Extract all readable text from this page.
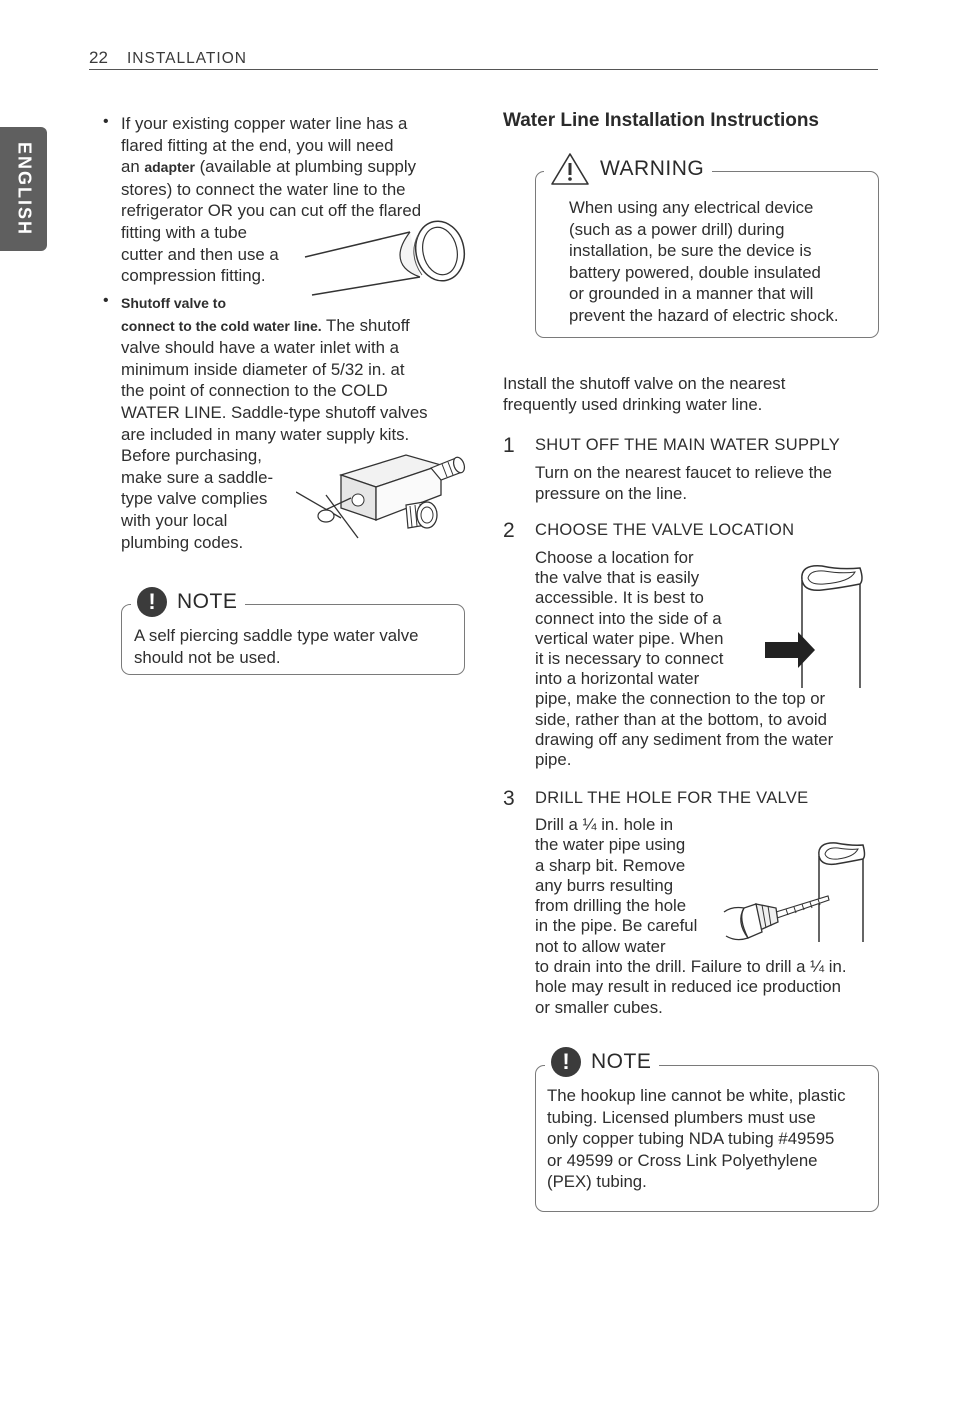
22 INSTALLATION
ENGLISH
• If your existing copper water line has a
flared fitting at the end, you will need
an adapter (available at plumbing supply
stores) to connect the water line to the
refrigerator OR you can cut off the flared
fitting with a tube
cutter and then use a
compression fitting.
• Shutoff valve to
connect to the cold water line. The shutoff
valve should have a water inlet with a
minimum inside diameter of 5/32 in. at
the point of connection to the COLD
WATER LINE. Saddle-type shutoff valves
are included in many water supply kits.
Before purchasing,
make sure a saddle-
type valve complies
with your local
plumbing codes.
!	NOTE
A self piercing saddle type water valve
should not be used.
Water Line Installation Instructions
WARNING
When using any electrical device
(such as a power drill) during
installation, be sure the device is
battery powered, double insulated
or grounded in a manner that will
prevent the hazard of electric shock.
Install the shutoff valve on the nearest
frequently used drinking water line.
1 SHUT OFF THE MAIN WATER SUPPLY
Turn on the nearest faucet to relieve the
pressure on the line.
2 CHOOSE THE VALVE LOCATION
Choose a location for
the valve that is easily
accessible. It is best to
connect into the side of a
vertical water pipe. When
it is necessary to connect
into a horizontal water
pipe, make the connection to the top or
side, rather than at the bottom, to avoid
drawing off any sediment from the water
pipe.
3 DRILL THE HOLE FOR THE VALVE
Drill a ¼ in. hole in
the water pipe using
a sharp bit. Remove
any burrs resulting
from drilling the hole
in the pipe. Be careful
not to allow water
to drain into the drill. Failure to drill a ¼ in.
hole may result in reduced ice production
or smaller cubes.
!	NOTE
The hookup line cannot be white, plastic
tubing. Licensed plumbers must use
only copper tubing NDA tubing #49595
or 49599 or Cross Link Polyethylene
(PEX) tubing.
